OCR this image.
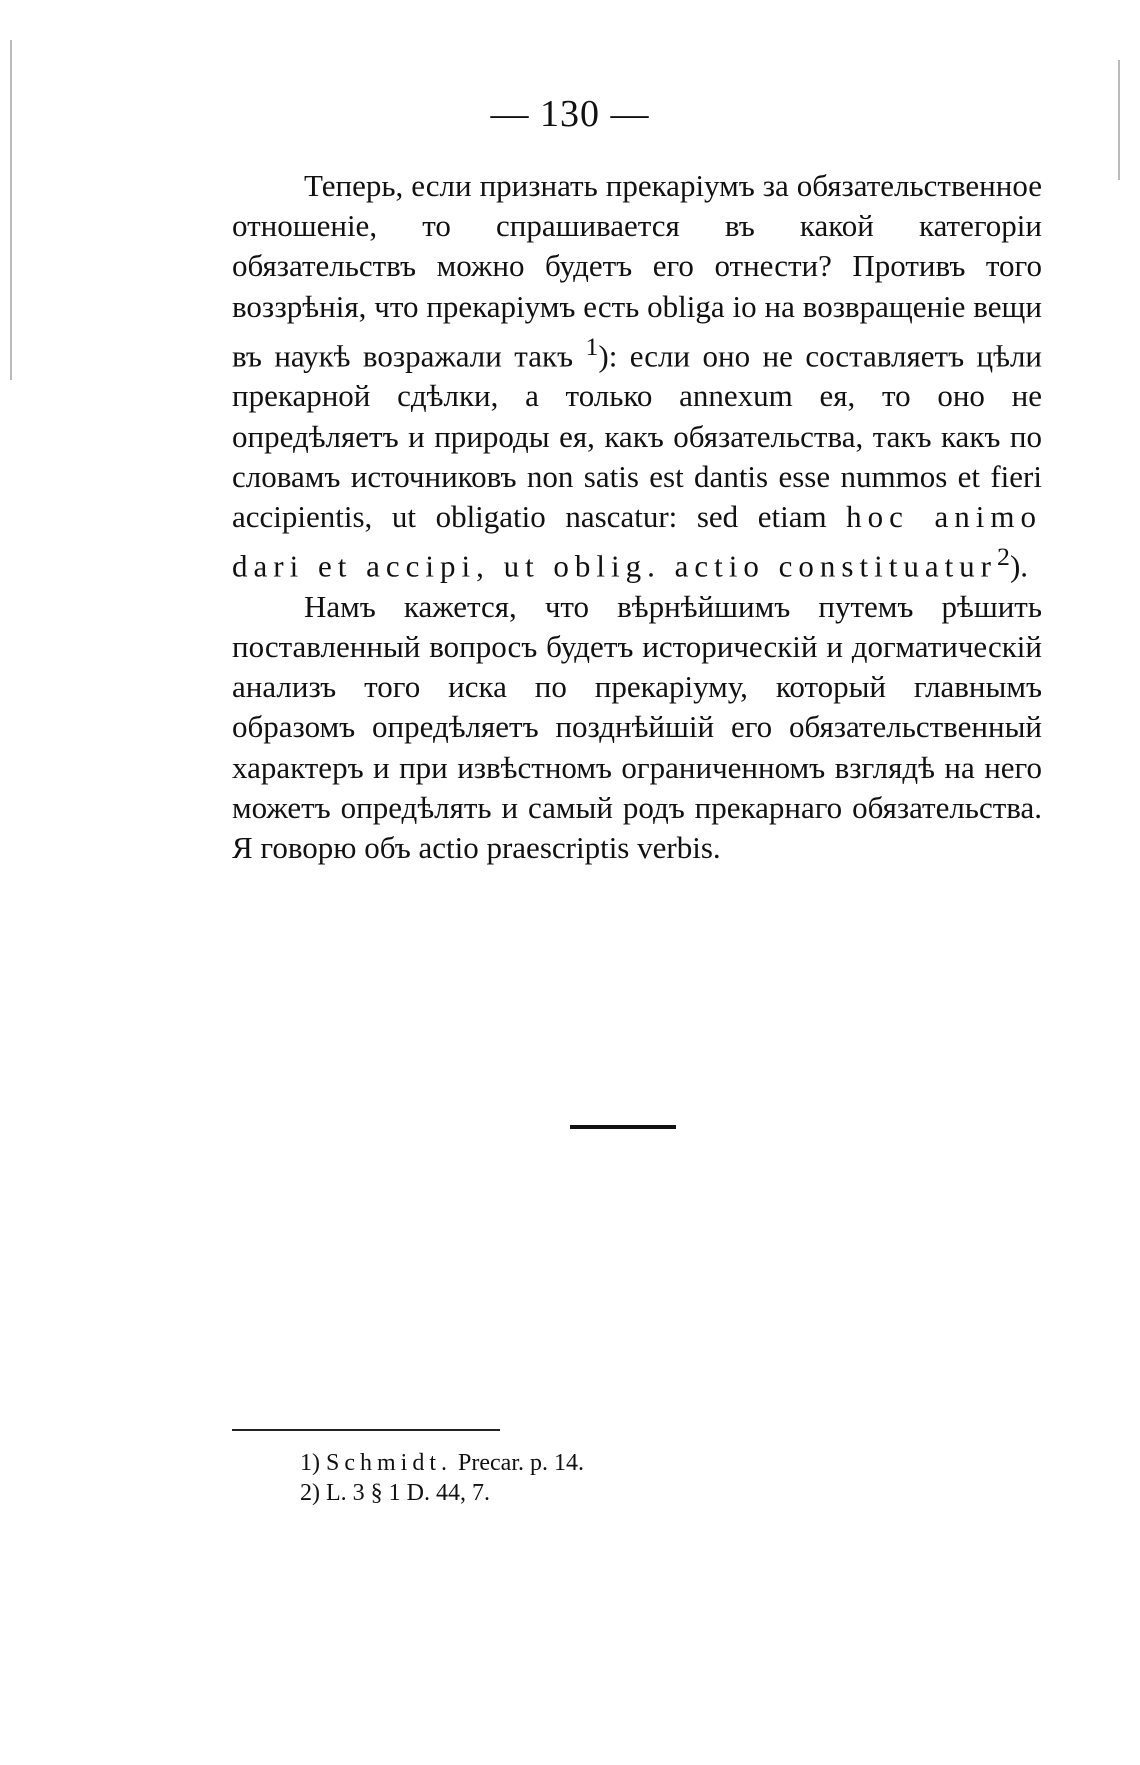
— 130 —

Теперь, если признать прекаріумъ за обязательственное отношеніе, то спрашивается въ какой категоріи обязательствъ можно будетъ его отнести? Противъ того воззрѣнія, что прекаріумъ есть obliga io на возвращеніе вещи въ наукѣ возражали такъ $^1$): если оно не составляетъ цѣли прекарной сдѣлки, а только annexum ея, то оно не опредѣляетъ и природы ея, какъ обязательства, такъ какъ по словамъ источниковъ non satis est dantis esse nummos et fieri accipientis, ut obligatio nascatur: sed etiam hoc animo dari et accipi, ut oblig. actio constituatur$^2$).

Намъ кажется, что вѣрнѣйшимъ путемъ рѣшить поставленный вопросъ будетъ историческій и догматическій анализъ того иска по прекаріуму, который главнымъ образомъ опредѣляетъ позднѣйшій его обязательственный характеръ и при извѣстномъ ограниченномъ взглядѣ на него можетъ опредѣлять и самый родъ прекарнаго обязательства. Я говорю объ actio praescriptis verbis.

1) Schmidt. Precar. p. 14.

2) L. 3 § 1 D. 44, 7.
